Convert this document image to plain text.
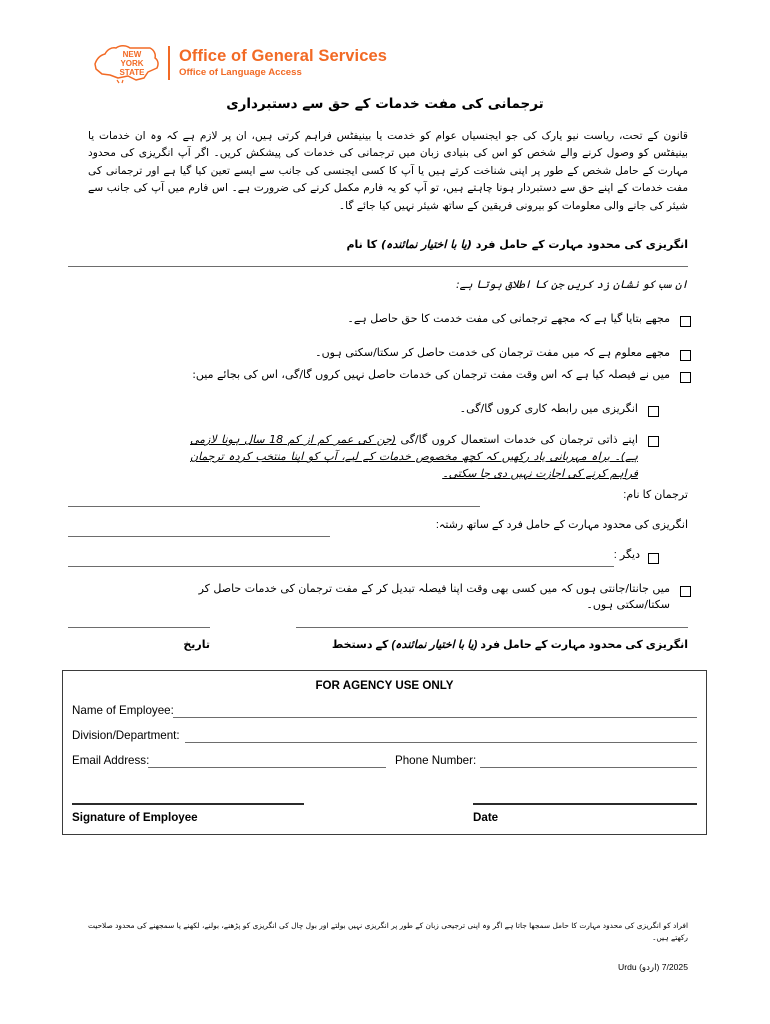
NEW
YORK
STATE
Office of General Services
Office of Language Access
ترجمانی کی مفت خدمات کے حق سے دستبرداری
قانون کے تحت، ریاست نیو یارک کی جو ایجنسیاں عوام کو خدمت یا بینیفٹس فراہم کرتی ہیں، ان پر لازم ہے کہ وہ ان خدمات یا بینیفٹس کو وصول کرنے والے شخص کو اس کی بنیادی زبان میں ترجمانی کی خدمات کی پیشکش کریں۔ اگر آپ انگریزی کی محدود مہارت کے حامل شخص کے طور پر اپنی شناخت کرتے ہیں یا آپ کا کسی ایجنسی کی جانب سے ایسے تعین کیا گیا ہے اور ترجمانی کی مفت خدمات کے اپنے حق سے دستبردار ہونا چاہتے ہیں، تو آپ کو یہ فارم مکمل کرنے کی ضرورت ہے۔ اس فارم میں آپ کی جانب سے شیئر کی جانے والی معلومات کو بیرونی فریقین کے ساتھ شیئر نہیں کیا جائے گا۔
انگریزی کی محدود مہارت کے حامل فرد (یا با اختیار نمائندہ) کا نام
ان سب کو نشان زد کریں جن کا اطلاق ہوتا ہے:
مجھے بتایا گیا ہے کہ مجھے ترجمانی کی مفت خدمت کا حق حاصل ہے۔
مجھے معلوم ہے کہ میں مفت ترجمان کی خدمت حاصل کر سکتا/سکتی ہوں۔
میں نے فیصلہ کیا ہے کہ اس وقت مفت ترجمان کی خدمات حاصل نہیں کروں گا/گی، اس کی بجائے میں:
انگریزی میں رابطہ کاری کروں گا/گی۔
اپنے ذاتی ترجمان کی خدمات استعمال کروں گا/گی (جن کی عمر کم از کم 18 سال ہونا لازمی ہے)۔ براہ مہربانی یاد رکھیں کہ کچھ مخصوص خدمات کے لیے، آپ کو اپنا منتخب کردہ ترجمان فراہم کرنے کی اجازت نہیں دی جا سکتی۔
ترجمان کا نام:
انگریزی کی محدود مہارت کے حامل فرد کے ساتھ رشتہ:
دیگر :
میں جانتا/جانتی ہوں کہ میں کسی بھی وقت اپنا فیصلہ تبدیل کر کے مفت ترجمان کی خدمات حاصل کر سکتا/سکتی ہوں۔
انگریزی کی محدود مہارت کے حامل فرد (یا با اختیار نمائندہ) کے دستخط
تاریخ
FOR AGENCY USE ONLY
Name of Employee:
Division/Department:
Email Address:	Phone Number:
Signature of Employee	Date
افراد کو انگریزی کی محدود مہارت کا حامل سمجھا جاتا ہے اگر وہ اپنی ترجیحی زبان کے طور پر انگریزی نہیں بولتے اور بول چال کی انگریزی کو پڑھنے، بولنے، لکھنے یا سمجھنے کی محدود صلاحیت رکھتے ہیں۔
7/2025 (اردو) Urdu
